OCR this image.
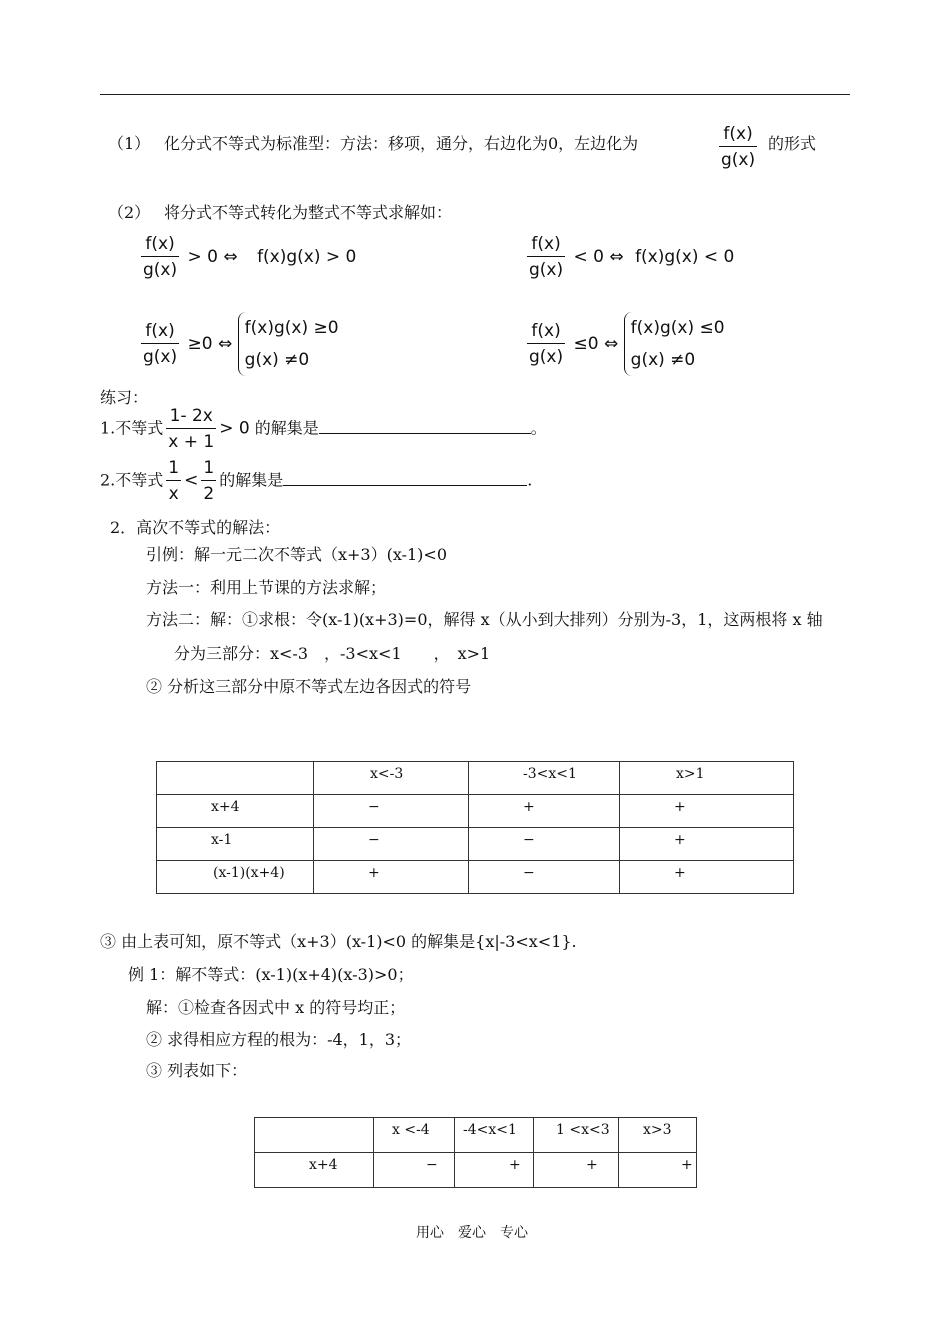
（1） 化分式不等式为标准型：方法：移项，通分，右边化为0，左边化为	$\frac{f(x)}{g(x)}$ 的形式
（2） 将分式不等式转化为整式不等式求解如：
$\frac{f(x)}{g(x)} > 0$ ⇔ f(x)g(x) > 0	$\frac{f(x)}{g(x)} < 0$ ⇔ f(x)g(x) < 0
$\frac{f(x)}{g(x)} \ge 0$ ⇔
f(x)g(x) ≥0
g(x) ≠0	$\frac{f(x)}{g(x)} \le 0$ ⇔
f(x)g(x) ≤0
g(x) ≠0
练习：
1.不等式 $\frac{1- 2x}{x + 1} > 0$ 的解集是	。
2.不等式 $\frac{1}{x} < \frac{1}{2}$ 的解集是	.
2．高次不等式的解法：
引例：解一元二次不等式（x+3）(x-1)<0
方法一：利用上节课的方法求解；
方法二：解：①求根：令(x-1)(x+3)=0，解得 x（从小到大排列）分别为-3，1，这两根将 x 轴
分为三部分：x<-3　，-3<x<1　　，　x>1
② 分析这三部分中原不等式左边各因式的符号

	x<-3	-3<x<1	x>1

x+4	−	+	+

x-1	−	−	+

(x-1)(x+4)	+	−	+
③ 由上表可知，原不等式（x+3）(x-1)<0 的解集是{x|-3<x<1}.
例 1：解不等式：(x-1)(x+4)(x-3)>0；
解：①检查各因式中 x 的符号均正；
② 求得相应方程的根为：-4，1，3；
③ 列表如下：

	x <-4	-4<x<1	1 <x<3	x>3

x+4	−	+	+	+
用心　爱心　专心
